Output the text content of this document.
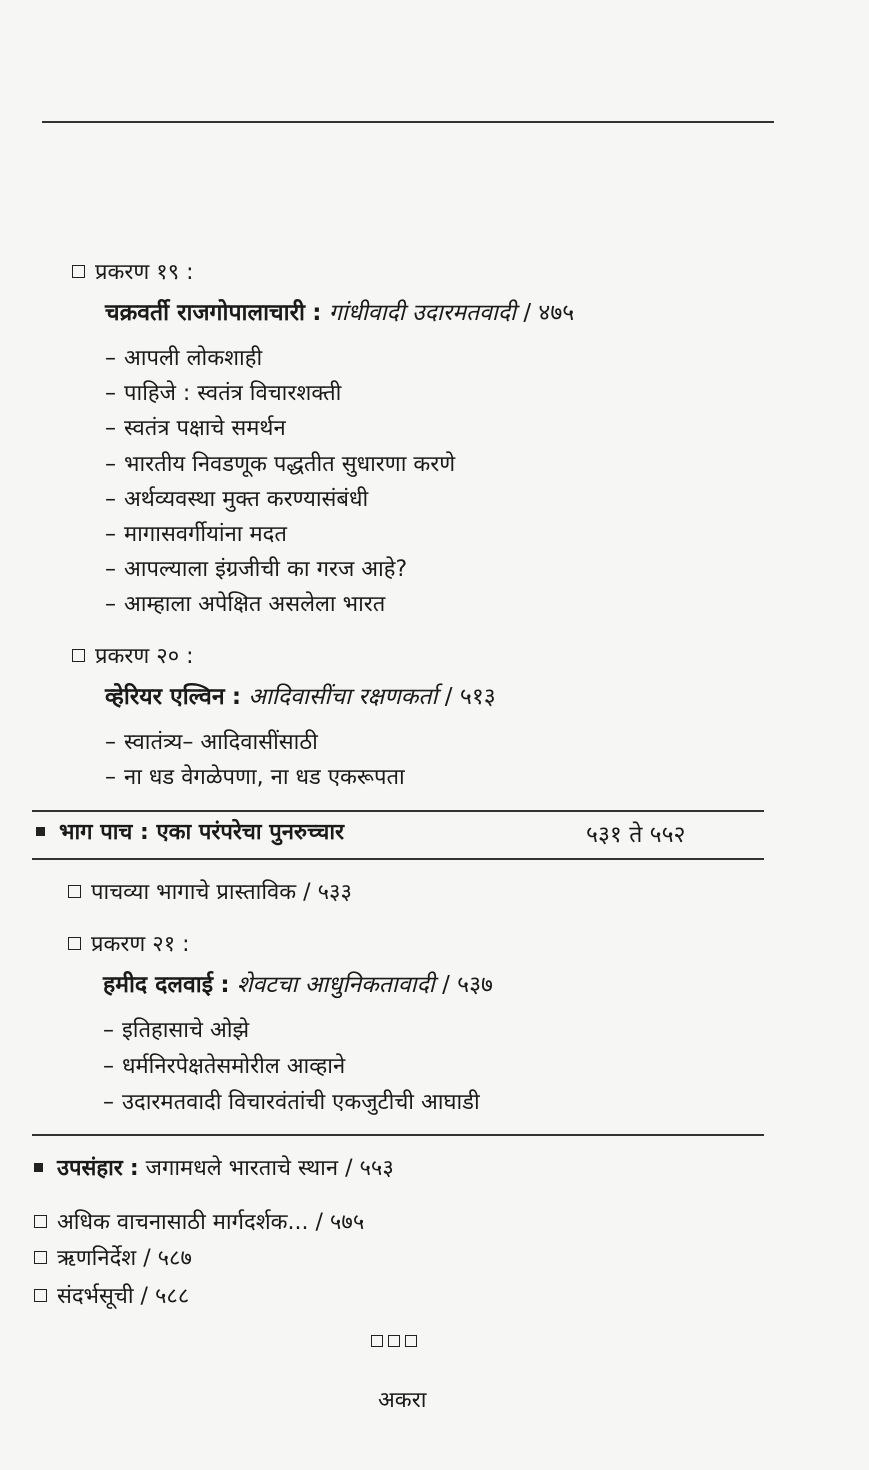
प्रकरण १९ :
चक्रवर्ती राजगोपालाचारी : गांधीवादी उदारमतवादी / ४७५
– आपली लोकशाही
– पाहिजे : स्वतंत्र विचारशक्ती
– स्वतंत्र पक्षाचे समर्थन
– भारतीय निवडणूक पद्धतीत सुधारणा करणे
– अर्थव्यवस्था मुक्त करण्यासंबंधी
– मागासवर्गीयांना मदत
– आपल्याला इंग्रजीची का गरज आहे?
– आम्हाला अपेक्षित असलेला भारत
प्रकरण २० :
व्हेरियर एल्विन : आदिवासींचा रक्षणकर्ता / ५१३
– स्वातंत्र्य– आदिवासींसाठी
– ना धड वेगळेपणा, ना धड एकरूपता
भाग पाच : एका परंपरेचा पुनरुच्चार	५३१ ते ५५२
पाचव्या भागाचे प्रास्ताविक / ५३३
प्रकरण २१ :
हमीद दलवाई : शेवटचा आधुनिकतावादी / ५३७
– इतिहासाचे ओझे
– धर्मनिरपेक्षतेसमोरील आव्हाने
– उदारमतवादी विचारवंतांची एकजुटीची आघाडी
उपसंहार : जगामधले भारताचे स्थान / ५५३
अधिक वाचनासाठी मार्गदर्शक... / ५७५
ऋणनिर्देश / ५८७
संदर्भसूची / ५८८
अकरा
